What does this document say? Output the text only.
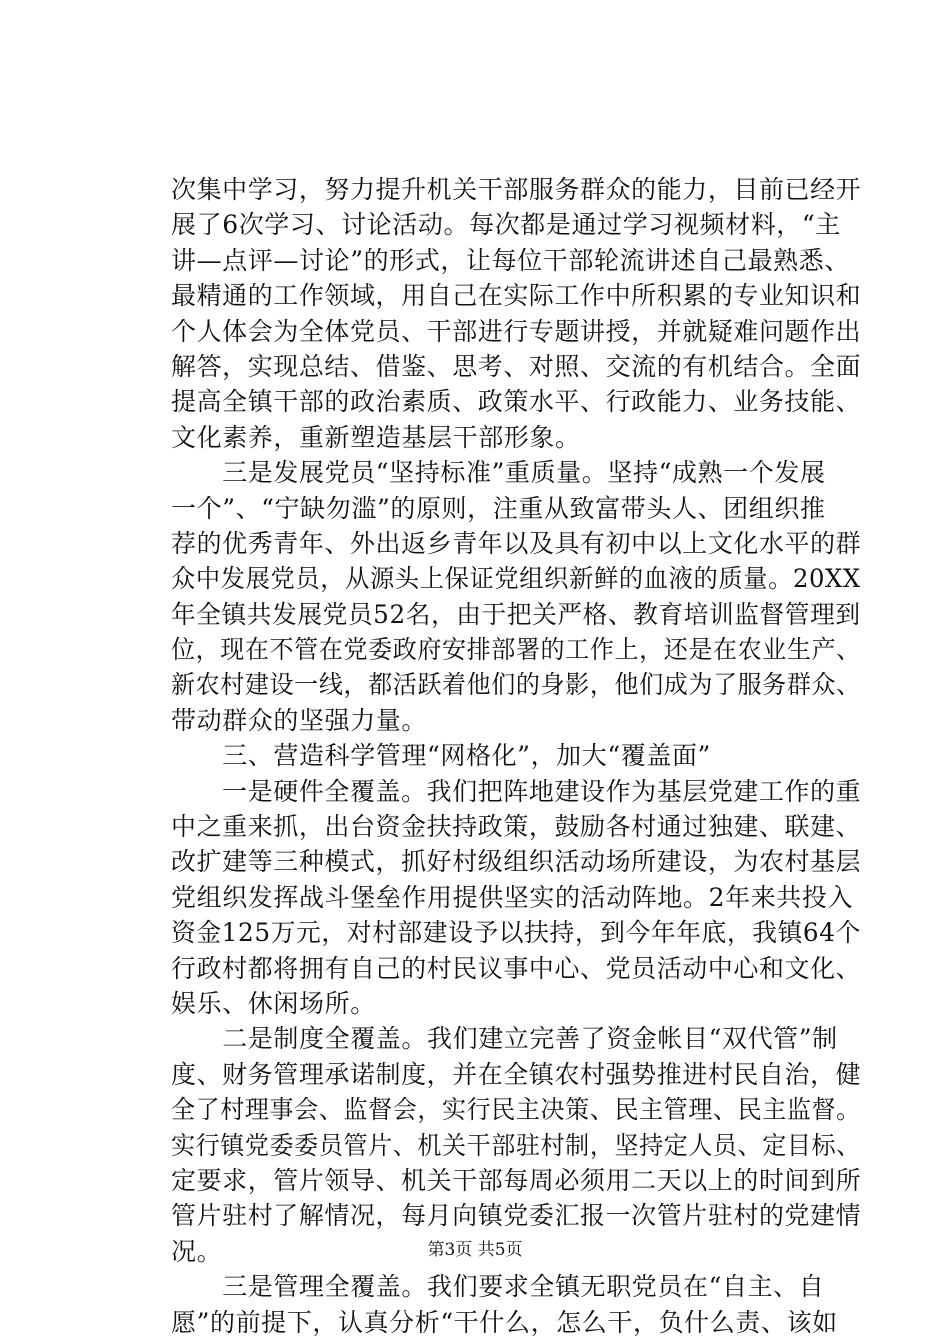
次集中学习，努力提升机关干部服务群众的能力，目前已经开
展了6次学习、讨论活动。每次都是通过学习视频材料，“主
讲—点评—讨论”的形式，让每位干部轮流讲述自己最熟悉、
最精通的工作领域，用自己在实际工作中所积累的专业知识和
个人体会为全体党员、干部进行专题讲授，并就疑难问题作出
解答，实现总结、借鉴、思考、对照、交流的有机结合。全面
提高全镇干部的政治素质、政策水平、行政能力、业务技能、
文化素养，重新塑造基层干部形象。
　　三是发展党员“坚持标准”重质量。坚持“成熟一个发展
一个”、“宁缺勿滥”的原则，注重从致富带头人、团组织推
荐的优秀青年、外出返乡青年以及具有初中以上文化水平的群
众中发展党员，从源头上保证党组织新鲜的血液的质量。20XX
年全镇共发展党员52名，由于把关严格、教育培训监督管理到
位，现在不管在党委政府安排部署的工作上，还是在农业生产、
新农村建设一线，都活跃着他们的身影，他们成为了服务群众、
带动群众的坚强力量。
　　三、营造科学管理“网格化”，加大“覆盖面”
　　一是硬件全覆盖。我们把阵地建设作为基层党建工作的重
中之重来抓，出台资金扶持政策，鼓励各村通过独建、联建、
改扩建等三种模式，抓好村级组织活动场所建设，为农村基层
党组织发挥战斗堡垒作用提供坚实的活动阵地。2年来共投入
资金125万元，对村部建设予以扶持，到今年年底，我镇64个
行政村都将拥有自己的村民议事中心、党员活动中心和文化、
娱乐、休闲场所。
　　二是制度全覆盖。我们建立完善了资金帐目“双代管”制
度、财务管理承诺制度，并在全镇农村强势推进村民自治，健
全了村理事会、监督会，实行民主决策、民主管理、民主监督。
实行镇党委委员管片、机关干部驻村制，坚持定人员、定目标、
定要求，管片领导、机关干部每周必须用二天以上的时间到所
管片驻村了解情况，每月向镇党委汇报一次管片驻村的党建情
况。
　　三是管理全覆盖。我们要求全镇无职党员在“自主、自
愿”的前提下，认真分析“干什么，怎么干，负什么责、该如
第3页 共5页
